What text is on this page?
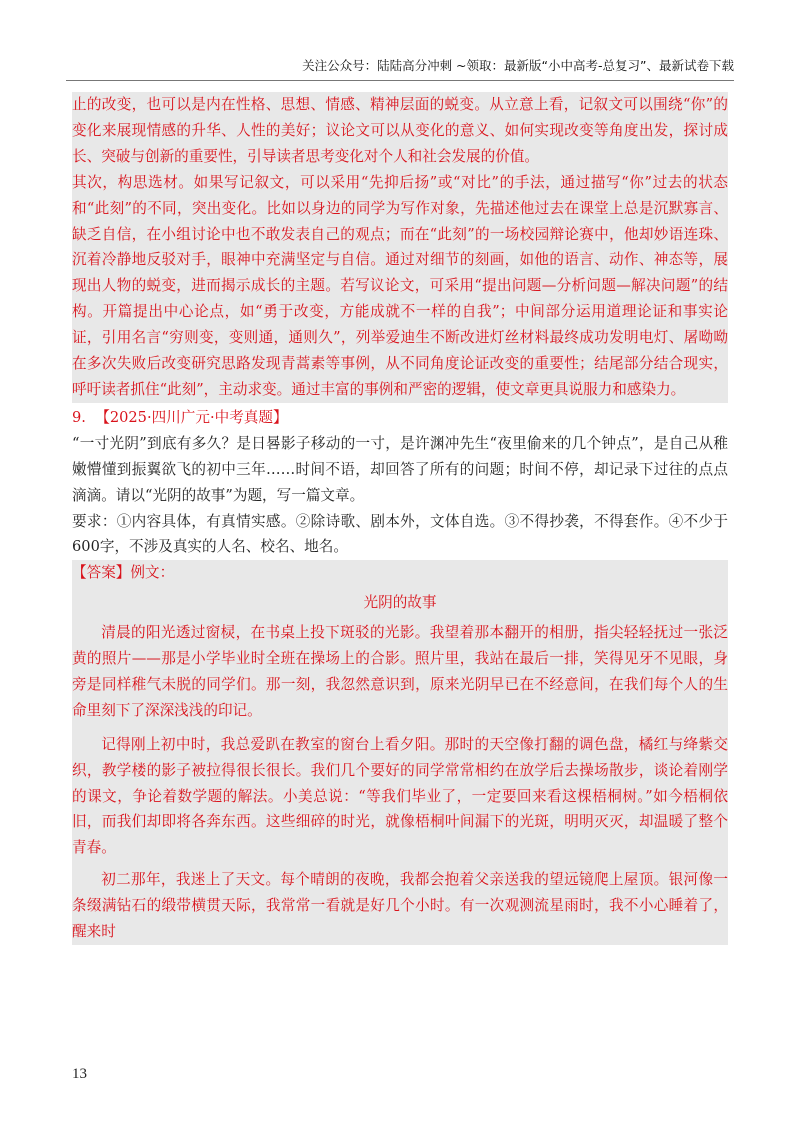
关注公众号：陆陆高分冲刺 ~领取：最新版“小中高考-总复习”、最新试卷下载

止的改变，也可以是内在性格、思想、情感、精神层面的蜕变。从立意上看，记叙文可以围绕“你”的变化来展现情感的升华、人性的美好；议论文可以从变化的意义、如何实现改变等角度出发，探讨成长、突破与创新的重要性，引导读者思考变化对个人和社会发展的价值。

其次，构思选材。如果写记叙文，可以采用“先抑后扬”或“对比”的手法，通过描写“你”过去的状态和“此刻”的不同，突出变化。比如以身边的同学为写作对象，先描述他过去在课堂上总是沉默寡言、缺乏自信，在小组讨论中也不敢发表自己的观点；而在“此刻”的一场校园辩论赛中，他却妙语连珠、沉着冷静地反驳对手，眼神中充满坚定与自信。通过对细节的刻画，如他的语言、动作、神态等，展现出人物的蜕变，进而揭示成长的主题。若写议论文，可采用“提出问题—分析问题—解决问题”的结构。开篇提出中心论点，如“勇于改变，方能成就不一样的自我”；中间部分运用道理论证和事实论证，引用名言“穷则变，变则通，通则久”，列举爱迪生不断改进灯丝材料最终成功发明电灯、屠呦呦在多次失败后改变研究思路发现青蒿素等事例，从不同角度论证改变的重要性；结尾部分结合现实，呼吁读者抓住“此刻”，主动求变。通过丰富的事例和严密的逻辑，使文章更具说服力和感染力。

9. 【2025·四川广元·中考真题】

“一寸光阴”到底有多久？是日晷影子移动的一寸，是许渊冲先生“夜里偷来的几个钟点”，是自己从稚嫩懵懂到振翼欲飞的初中三年……时间不语，却回答了所有的问题；时间不停，却记录下过往的点点滴滴。请以“光阴的故事”为题，写一篇文章。

要求：①内容具体，有真情实感。②除诗歌、剧本外，文体自选。③不得抄袭，不得套作。④不少于600字，不涉及真实的人名、校名、地名。

【答案】例文：

光阴的故事

清晨的阳光透过窗棂，在书桌上投下斑驳的光影。我望着那本翻开的相册，指尖轻轻抚过一张泛黄的照片——那是小学毕业时全班在操场上的合影。照片里，我站在最后一排，笑得见牙不见眼，身旁是同样稚气未脱的同学们。那一刻，我忽然意识到，原来光阴早已在不经意间，在我们每个人的生命里刻下了深深浅浅的印记。

记得刚上初中时，我总爱趴在教室的窗台上看夕阳。那时的天空像打翻的调色盘，橘红与绛紫交织，教学楼的影子被拉得很长很长。我们几个要好的同学常常相约在放学后去操场散步，谈论着刚学的课文，争论着数学题的解法。小美总说：“等我们毕业了，一定要回来看这棵梧桐树。”如今梧桐依旧，而我们却即将各奔东西。这些细碎的时光，就像梧桐叶间漏下的光斑，明明灭灭，却温暖了整个青春。

初二那年，我迷上了天文。每个晴朗的夜晚，我都会抱着父亲送我的望远镜爬上屋顶。银河像一条缀满钻石的缎带横贯天际，我常常一看就是好几个小时。有一次观测流星雨时，我不小心睡着了，醒来时

13
